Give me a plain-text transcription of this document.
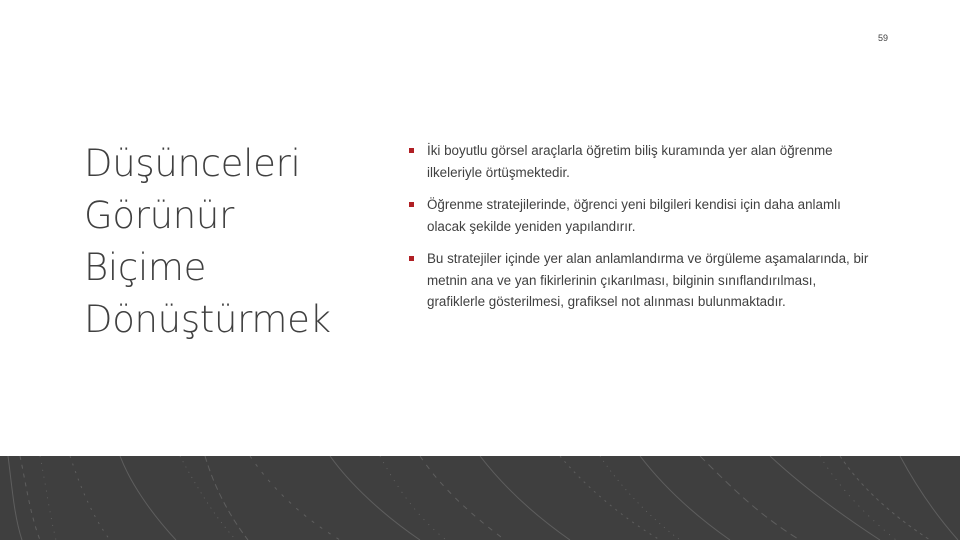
59
Düşünceleri
Görünür
Biçime
Dönüştürmek
İki boyutlu görsel araçlarla öğretim biliş kuramında yer alan öğrenme ilkeleriyle örtüşmektedir.
Öğrenme stratejilerinde, öğrenci yeni bilgileri kendisi için daha anlamlı olacak şekilde yeniden yapılandırır.
Bu stratejiler içinde yer alan anlamlandırma ve örgüleme aşamalarında, bir metnin ana ve yan fikirlerinin çıkarılması, bilginin sınıflandırılması, grafiklerle gösterilmesi, grafiksel not alınması bulunmaktadır.
